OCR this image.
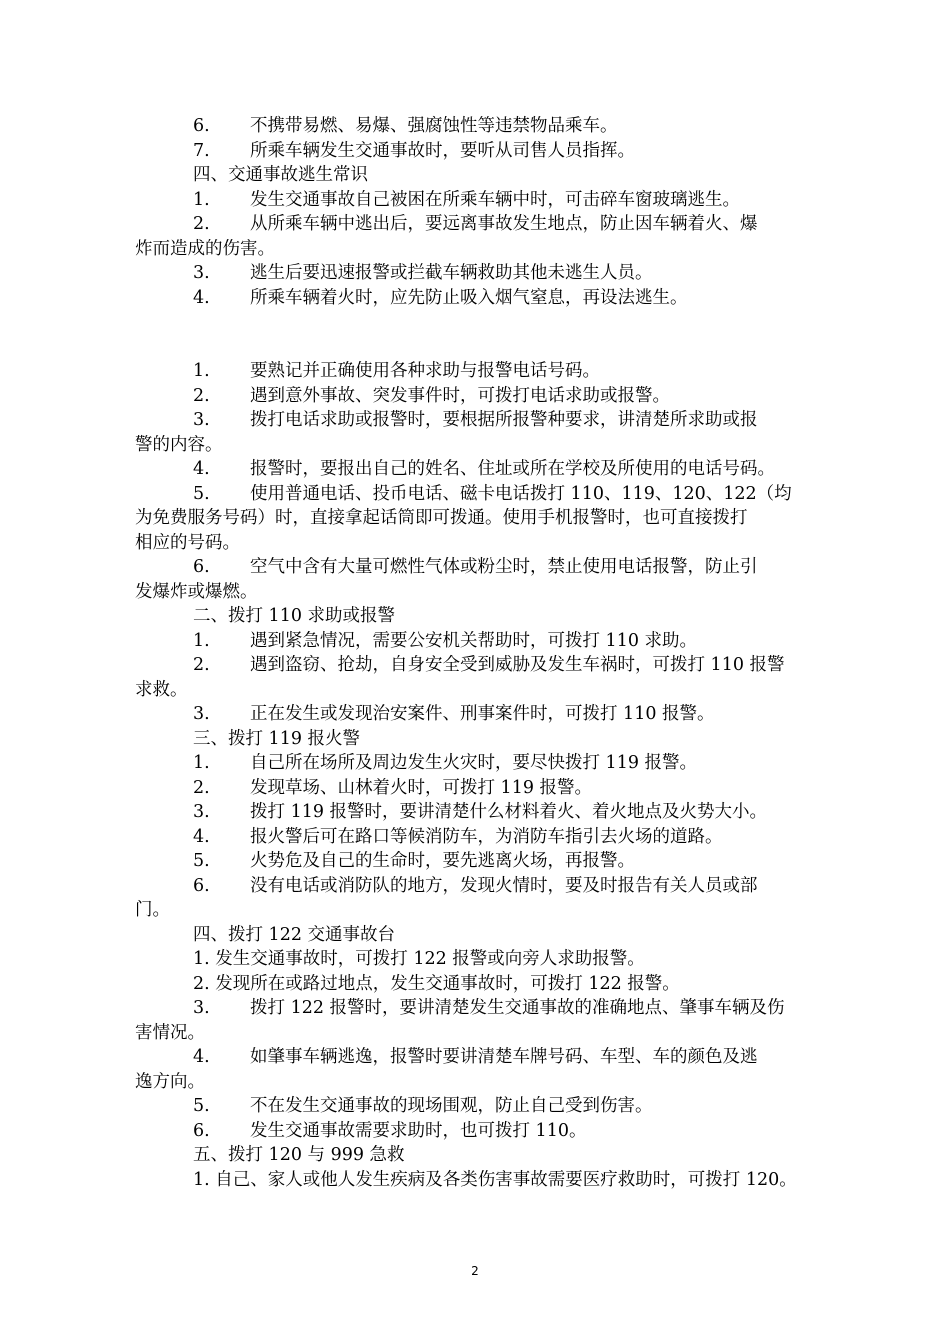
6. 不携带易燃、易爆、强腐蚀性等违禁物品乘车。
7. 所乘车辆发生交通事故时，要听从司售人员指挥。
四、交通事故逃生常识
1. 发生交通事故自己被困在所乘车辆中时，可击碎车窗玻璃逃生。
2. 从所乘车辆中逃出后，要远离事故发生地点，防止因车辆着火、爆
炸而造成的伤害。
3. 逃生后要迅速报警或拦截车辆救助其他未逃生人员。
4. 所乘车辆着火时，应先防止吸入烟气窒息，再设法逃生。
1. 要熟记并正确使用各种求助与报警电话号码。
2. 遇到意外事故、突发事件时，可拨打电话求助或报警。
3. 拨打电话求助或报警时，要根据所报警种要求，讲清楚所求助或报
警的内容。
4. 报警时，要报出自己的姓名、住址或所在学校及所使用的电话号码。
5. 使用普通电话、投币电话、磁卡电话拨打 110、119、120、122（均
为免费服务号码）时，直接拿起话筒即可拨通。使用手机报警时，也可直接拨打
相应的号码。
6. 空气中含有大量可燃性气体或粉尘时，禁止使用电话报警，防止引
发爆炸或爆燃。
二、拨打 110 求助或报警
1. 遇到紧急情况，需要公安机关帮助时，可拨打 110 求助。
2. 遇到盗窃、抢劫，自身安全受到威胁及发生车祸时，可拨打 110 报警
求救。
3. 正在发生或发现治安案件、刑事案件时，可拨打 110 报警。
三、拨打 119 报火警
1. 自己所在场所及周边发生火灾时，要尽快拨打 119 报警。
2. 发现草场、山林着火时，可拨打 119 报警。
3. 拨打 119 报警时，要讲清楚什么材料着火、着火地点及火势大小。
4. 报火警后可在路口等候消防车，为消防车指引去火场的道路。
5. 火势危及自己的生命时，要先逃离火场，再报警。
6. 没有电话或消防队的地方，发现火情时，要及时报告有关人员或部
门。
四、拨打 122 交通事故台
1. 发生交通事故时，可拨打 122 报警或向旁人求助报警。
2. 发现所在或路过地点，发生交通事故时，可拨打 122 报警。
3. 拨打 122 报警时，要讲清楚发生交通事故的准确地点、肇事车辆及伤
害情况。
4. 如肇事车辆逃逸，报警时要讲清楚车牌号码、车型、车的颜色及逃
逸方向。
5. 不在发生交通事故的现场围观，防止自己受到伤害。
6. 发生交通事故需要求助时，也可拨打 110。
五、拨打 120 与 999 急救
1. 自己、家人或他人发生疾病及各类伤害事故需要医疗救助时，可拨打 120。
2
